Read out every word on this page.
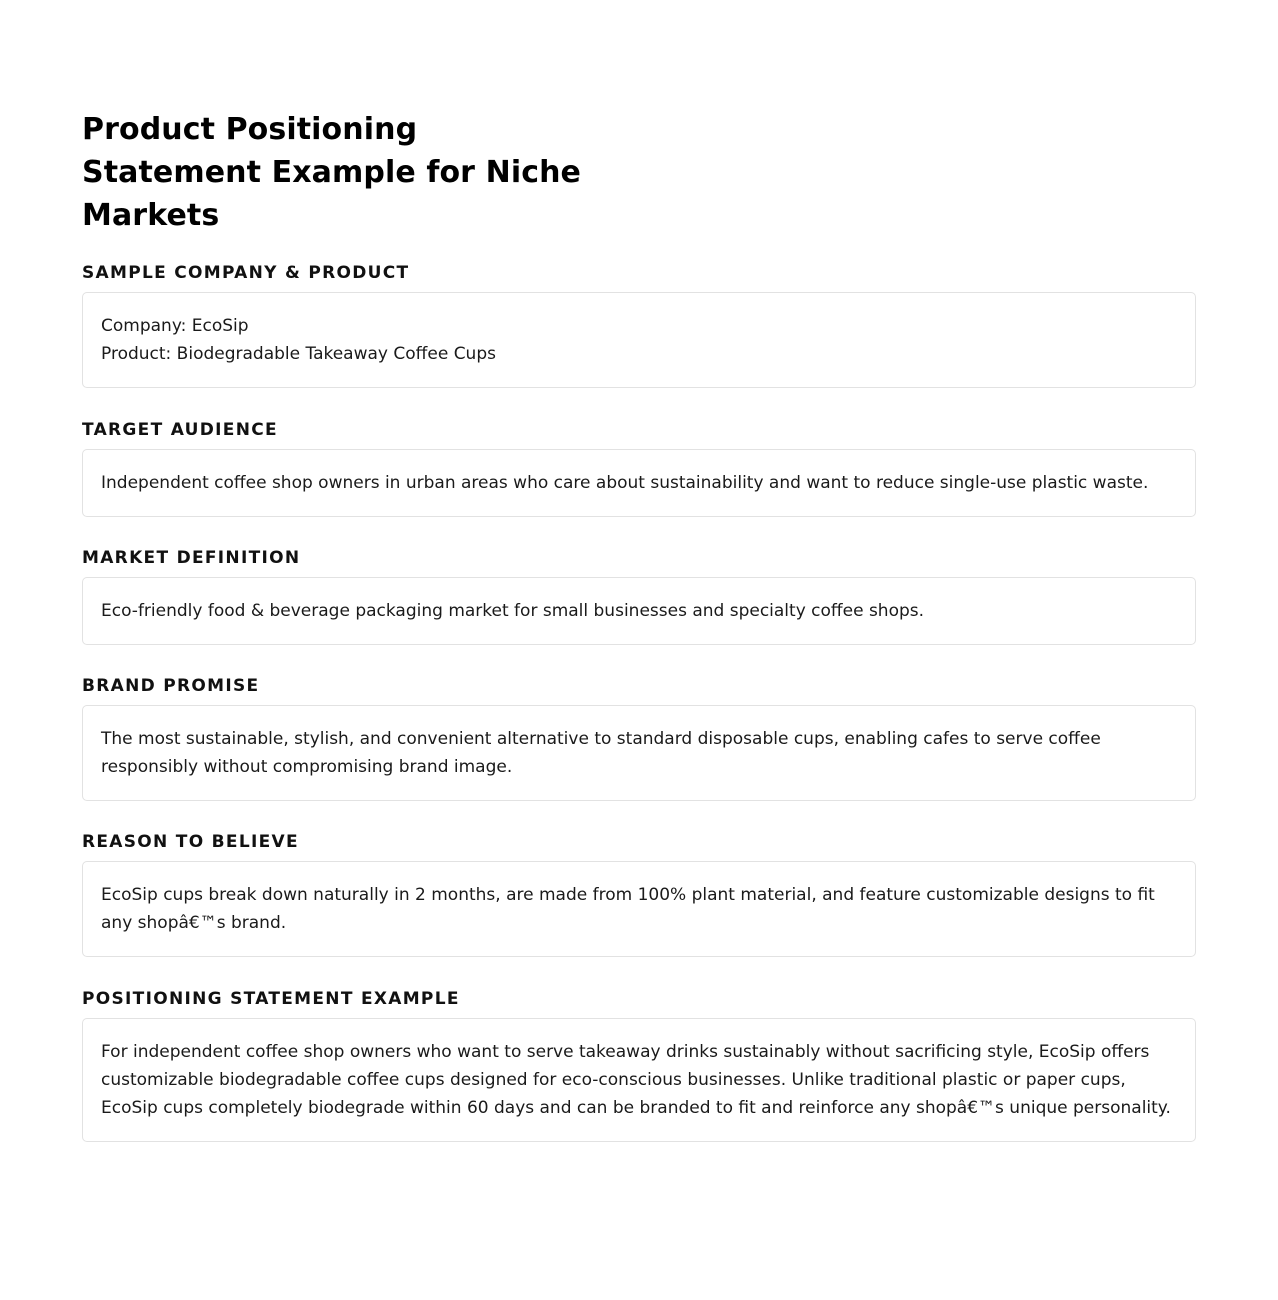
Product Positioning Statement Example for Niche Markets
SAMPLE COMPANY & PRODUCT
Company: EcoSip
Product: Biodegradable Takeaway Coffee Cups
TARGET AUDIENCE
Independent coffee shop owners in urban areas who care about sustainability and want to reduce single-use plastic waste.
MARKET DEFINITION
Eco-friendly food & beverage packaging market for small businesses and specialty coffee shops.
BRAND PROMISE
The most sustainable, stylish, and convenient alternative to standard disposable cups, enabling cafes to serve coffee responsibly without compromising brand image.
REASON TO BELIEVE
EcoSip cups break down naturally in 2 months, are made from 100% plant material, and feature customizable designs to fit any shopâ€™s brand.
POSITIONING STATEMENT EXAMPLE
For independent coffee shop owners who want to serve takeaway drinks sustainably without sacrificing style, EcoSip offers customizable biodegradable coffee cups designed for eco-conscious businesses. Unlike traditional plastic or paper cups, EcoSip cups completely biodegrade within 60 days and can be branded to fit and reinforce any shopâ€™s unique personality.
